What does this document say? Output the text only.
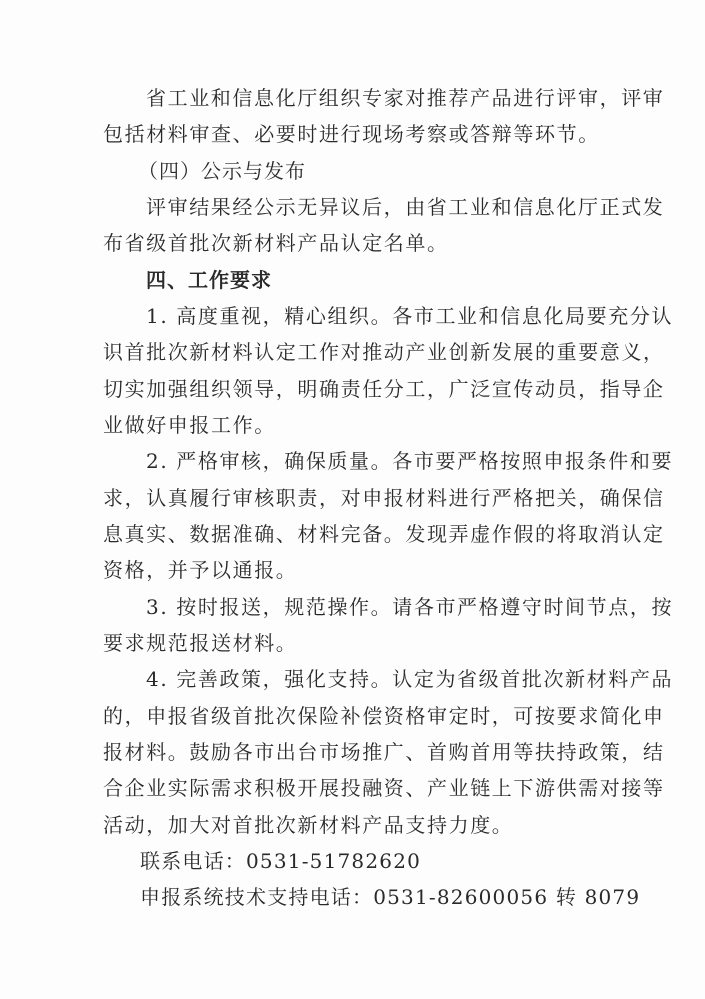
省工业和信息化厅组织专家对推荐产品进行评审，评审
包括材料审查、必要时进行现场考察或答辩等环节。
（四）公示与发布
评审结果经公示无异议后，由省工业和信息化厅正式发
布省级首批次新材料产品认定名单。
四、工作要求
1. 高度重视，精心组织。各市工业和信息化局要充分认
识首批次新材料认定工作对推动产业创新发展的重要意义，
切实加强组织领导，明确责任分工，广泛宣传动员，指导企
业做好申报工作。
2. 严格审核，确保质量。各市要严格按照申报条件和要
求，认真履行审核职责，对申报材料进行严格把关，确保信
息真实、数据准确、材料完备。发现弄虚作假的将取消认定
资格，并予以通报。
3. 按时报送，规范操作。请各市严格遵守时间节点，按
要求规范报送材料。
4. 完善政策，强化支持。认定为省级首批次新材料产品
的，申报省级首批次保险补偿资格审定时，可按要求简化申
报材料。鼓励各市出台市场推广、首购首用等扶持政策，结
合企业实际需求积极开展投融资、产业链上下游供需对接等
活动，加大对首批次新材料产品支持力度。
联系电话：0531-51782620
申报系统技术支持电话：0531-82600056 转 8079
